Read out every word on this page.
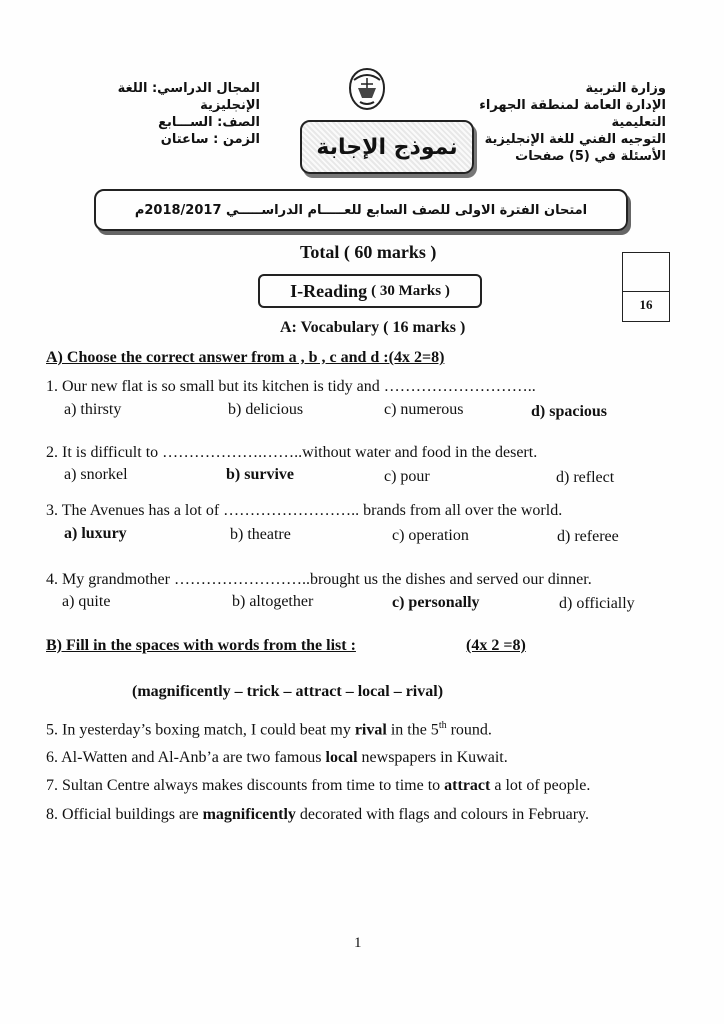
المجال الدراسي: اللغة الإنجليزية
الصف: الســـابع
الزمن : ساعتان
وزارة التربية
الإدارة العامة لمنطقة الجهراء التعليمية
التوجيه الفني للغة الإنجليزية
الأسئلة في (5) صفحات
نموذج الإجابة
امتحان الفترة الاولى للصف السابع للعـــــام الدراســـــي 2018/2017م
Total ( 60 marks )
I-Reading ( 30 Marks )
16
A: Vocabulary ( 16 marks )
A) Choose the correct answer from a , b , c and d :(4x 2=8)
1. Our new flat is so small but its kitchen is tidy and ………………………..
a) thirsty	b) delicious	c) numerous	d) spacious
2. It is difficult to ……………….……..without water and food in the desert.
a) snorkel	b) survive	c) pour	d) reflect
3. The Avenues has a lot of …………………….. brands from all over the world.
a) luxury	b) theatre	c) operation	d) referee
4. My grandmother ……………………..brought us the dishes and served our dinner.
a) quite	b) altogether	c) personally	d) officially
B) Fill in the spaces with words from the list :	(4x 2 =8)
(magnificently – trick – attract – local – rival)
5. In yesterday’s boxing match, I could beat my rival in the 5th round.
6. Al-Watten and Al-Anb’a are two famous local newspapers in Kuwait.
7. Sultan Centre always makes discounts from time to time to attract a lot of people.
8. Official buildings are magnificently decorated with flags and colours in February.
1
